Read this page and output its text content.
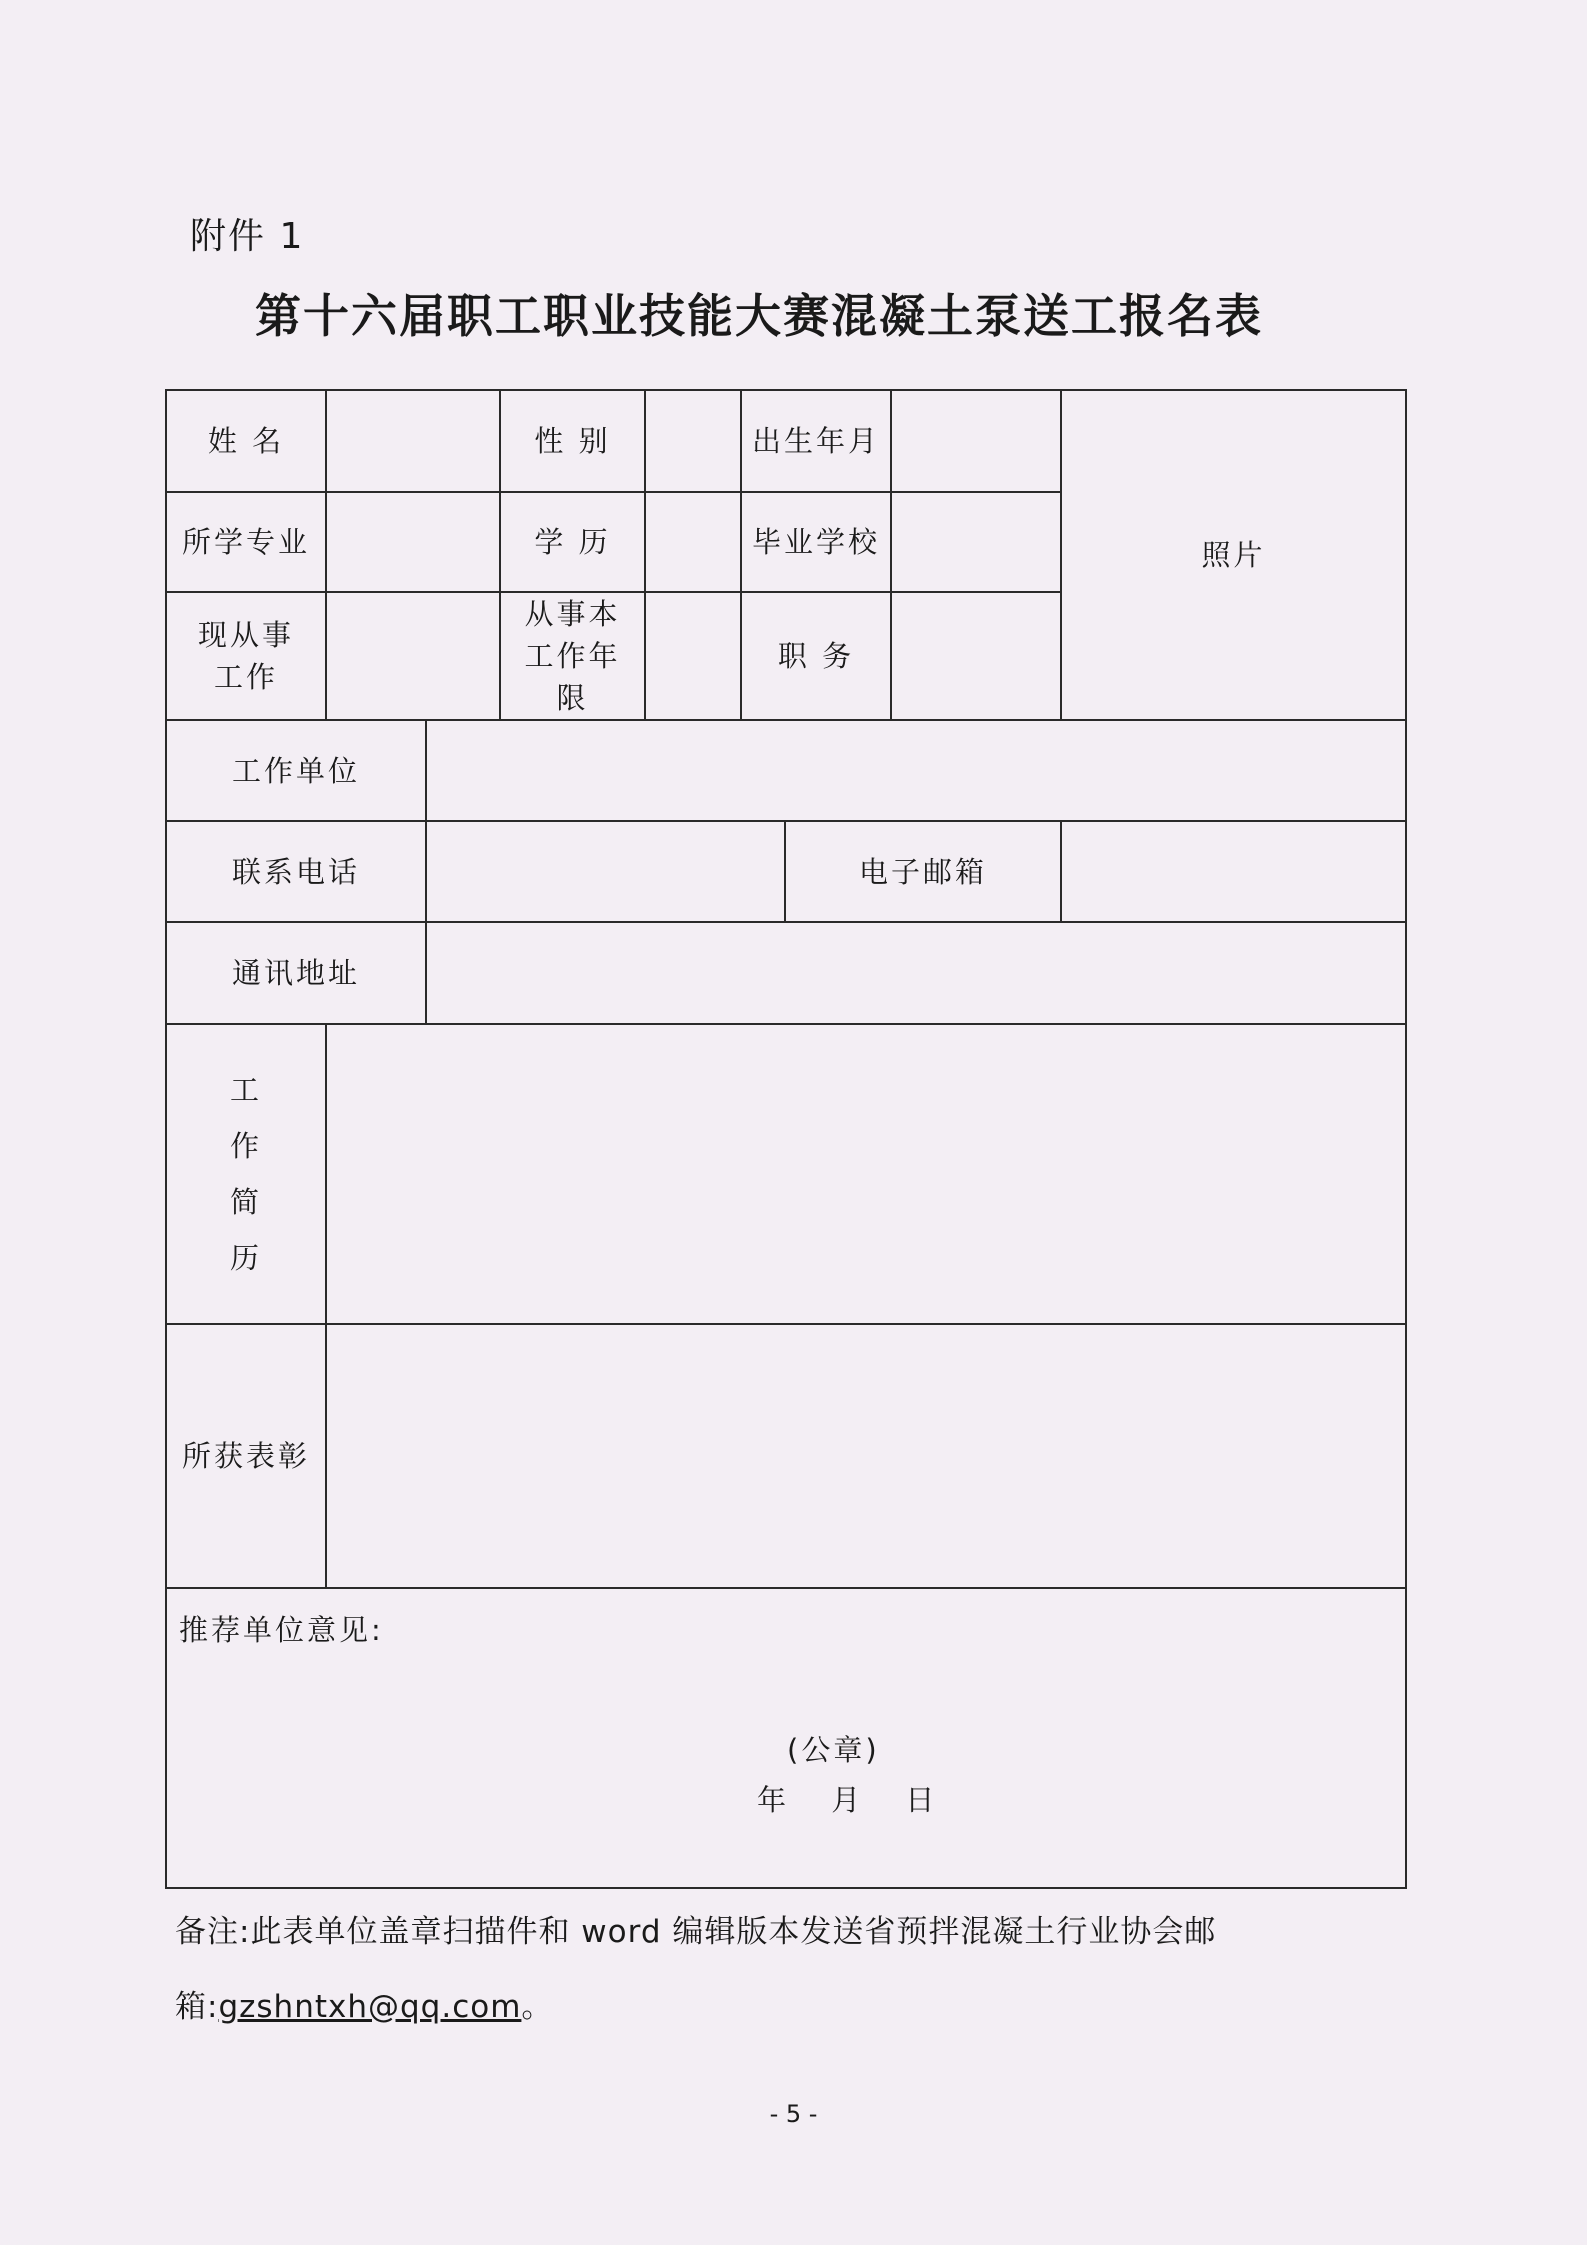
附件 1
第十六届职工职业技能大赛混凝土泵送工报名表
姓 名			性 别		出生年月			照片
所学专业			学 历		毕业学校			
现从事工作			从事本工作年限		职 务			
工作单位								
联系电话						电子邮箱		
通讯地址								

工
作
简
历								

所获表彰								

推荐单位意见:
(公章)
年 月 日								
备注:此表单位盖章扫描件和 word 编辑版本发送省预拌混凝土行业协会邮箱:gzshntxh@qq.com。
- 5 -
